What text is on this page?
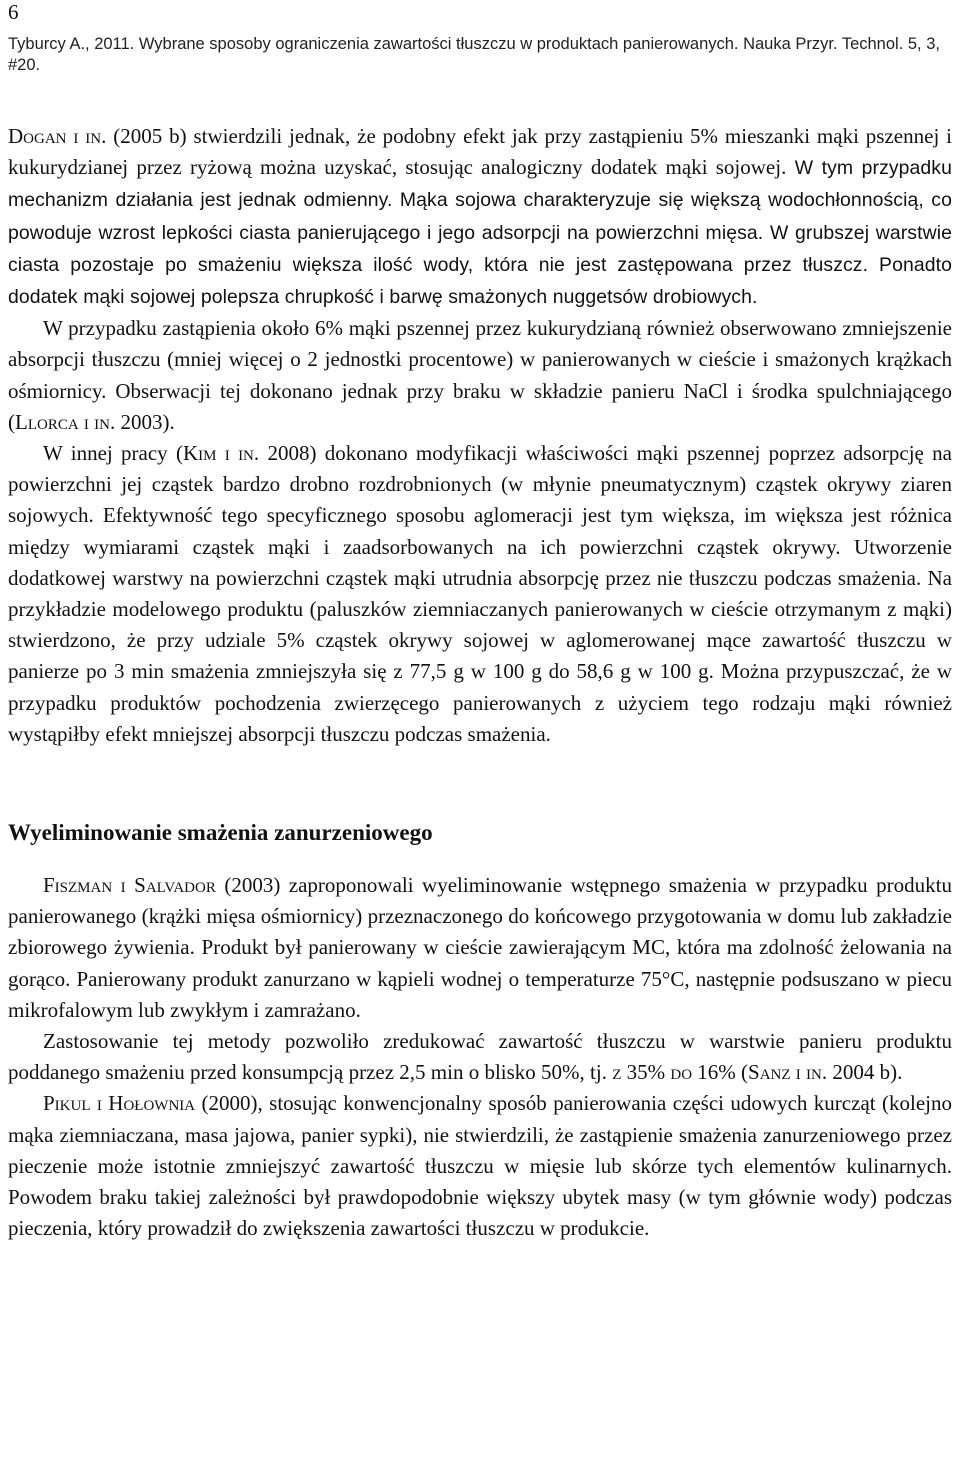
6
Tyburcy A., 2011. Wybrane sposoby ograniczenia zawartości tłuszczu w produktach panierowanych. Nauka Przyr. Technol. 5, 3, #20.

Dogan i in. (2005 b) stwierdzili jednak, że podobny efekt jak przy zastąpieniu 5% mieszanki mąki pszennej i kukurydzianej przez ryżową można uzyskać, stosując analogiczny dodatek mąki sojowej. W tym przypadku mechanizm działania jest jednak odmienny. Mąka sojowa charakteryzuje się większą wodochłonnością, co powoduje wzrost lepkości ciasta panierującego i jego adsorpcji na powierzchni mięsa. W grubszej warstwie ciasta pozostaje po smażeniu większa ilość wody, która nie jest zastępowana przez tłuszcz. Ponadto dodatek mąki sojowej polepsza chrupkość i barwę smażonych nuggetsów drobiowych.

W przypadku zastąpienia około 6% mąki pszennej przez kukurydzianą również obserwowano zmniejszenie absorpcji tłuszczu (mniej więcej o 2 jednostki procentowe) w panierowanych w cieście i smażonych krążkach ośmiornicy. Obserwacji tej dokonano jednak przy braku w składzie panieru NaCl i środka spulchniającego (Llorca i in. 2003).

W innej pracy (Kim i in. 2008) dokonano modyfikacji właściwości mąki pszennej poprzez adsorpcję na powierzchni jej cząstek bardzo drobno rozdrobnionych (w młynie pneumatycznym) cząstek okrywy ziaren sojowych. Efektywność tego specyficznego sposobu aglomeracji jest tym większa, im większa jest różnica między wymiarami cząstek mąki i zaadsorbowanych na ich powierzchni cząstek okrywy. Utworzenie dodatkowej warstwy na powierzchni cząstek mąki utrudnia absorpcję przez nie tłuszczu podczas smażenia. Na przykładzie modelowego produktu (paluszków ziemniaczanych panierowanych w cieście otrzymanym z mąki) stwierdzono, że przy udziale 5% cząstek okrywy sojowej w aglomerowanej mące zawartość tłuszczu w panierze po 3 min smażenia zmniejszyła się z 77,5 g w 100 g do 58,6 g w 100 g. Można przypuszczać, że w przypadku produktów pochodzenia zwierzęcego panierowanych z użyciem tego rodzaju mąki również wystąpiłby efekt mniejszej absorpcji tłuszczu podczas smażenia.

Wyeliminowanie smażenia zanurzeniowego

Fiszman i Salvador (2003) zaproponowali wyeliminowanie wstępnego smażenia w przypadku produktu panierowanego (krążki mięsa ośmiornicy) przeznaczonego do końcowego przygotowania w domu lub zakładzie zbiorowego żywienia. Produkt był panierowany w cieście zawierającym MC, która ma zdolność żelowania na gorąco. Panierowany produkt zanurzano w kąpieli wodnej o temperaturze 75°C, następnie podsuszano w piecu mikrofalowym lub zwykłym i zamrażano.

Zastosowanie tej metody pozwoliło zredukować zawartość tłuszczu w warstwie panieru produktu poddanego smażeniu przed konsumpcją przez 2,5 min o blisko 50%, tj. z 35% do 16% (Sanz i in. 2004 b).

Pikul i Hołownia (2000), stosując konwencjonalny sposób panierowania części udowych kurcząt (kolejno mąka ziemniaczana, masa jajowa, panier sypki), nie stwierdzili, że zastąpienie smażenia zanurzeniowego przez pieczenie może istotnie zmniejszyć zawartość tłuszczu w mięsie lub skórze tych elementów kulinarnych. Powodem braku takiej zależności był prawdopodobnie większy ubytek masy (w tym głównie wody) podczas pieczenia, który prowadził do zwiększenia zawartości tłuszczu w produkcie.
